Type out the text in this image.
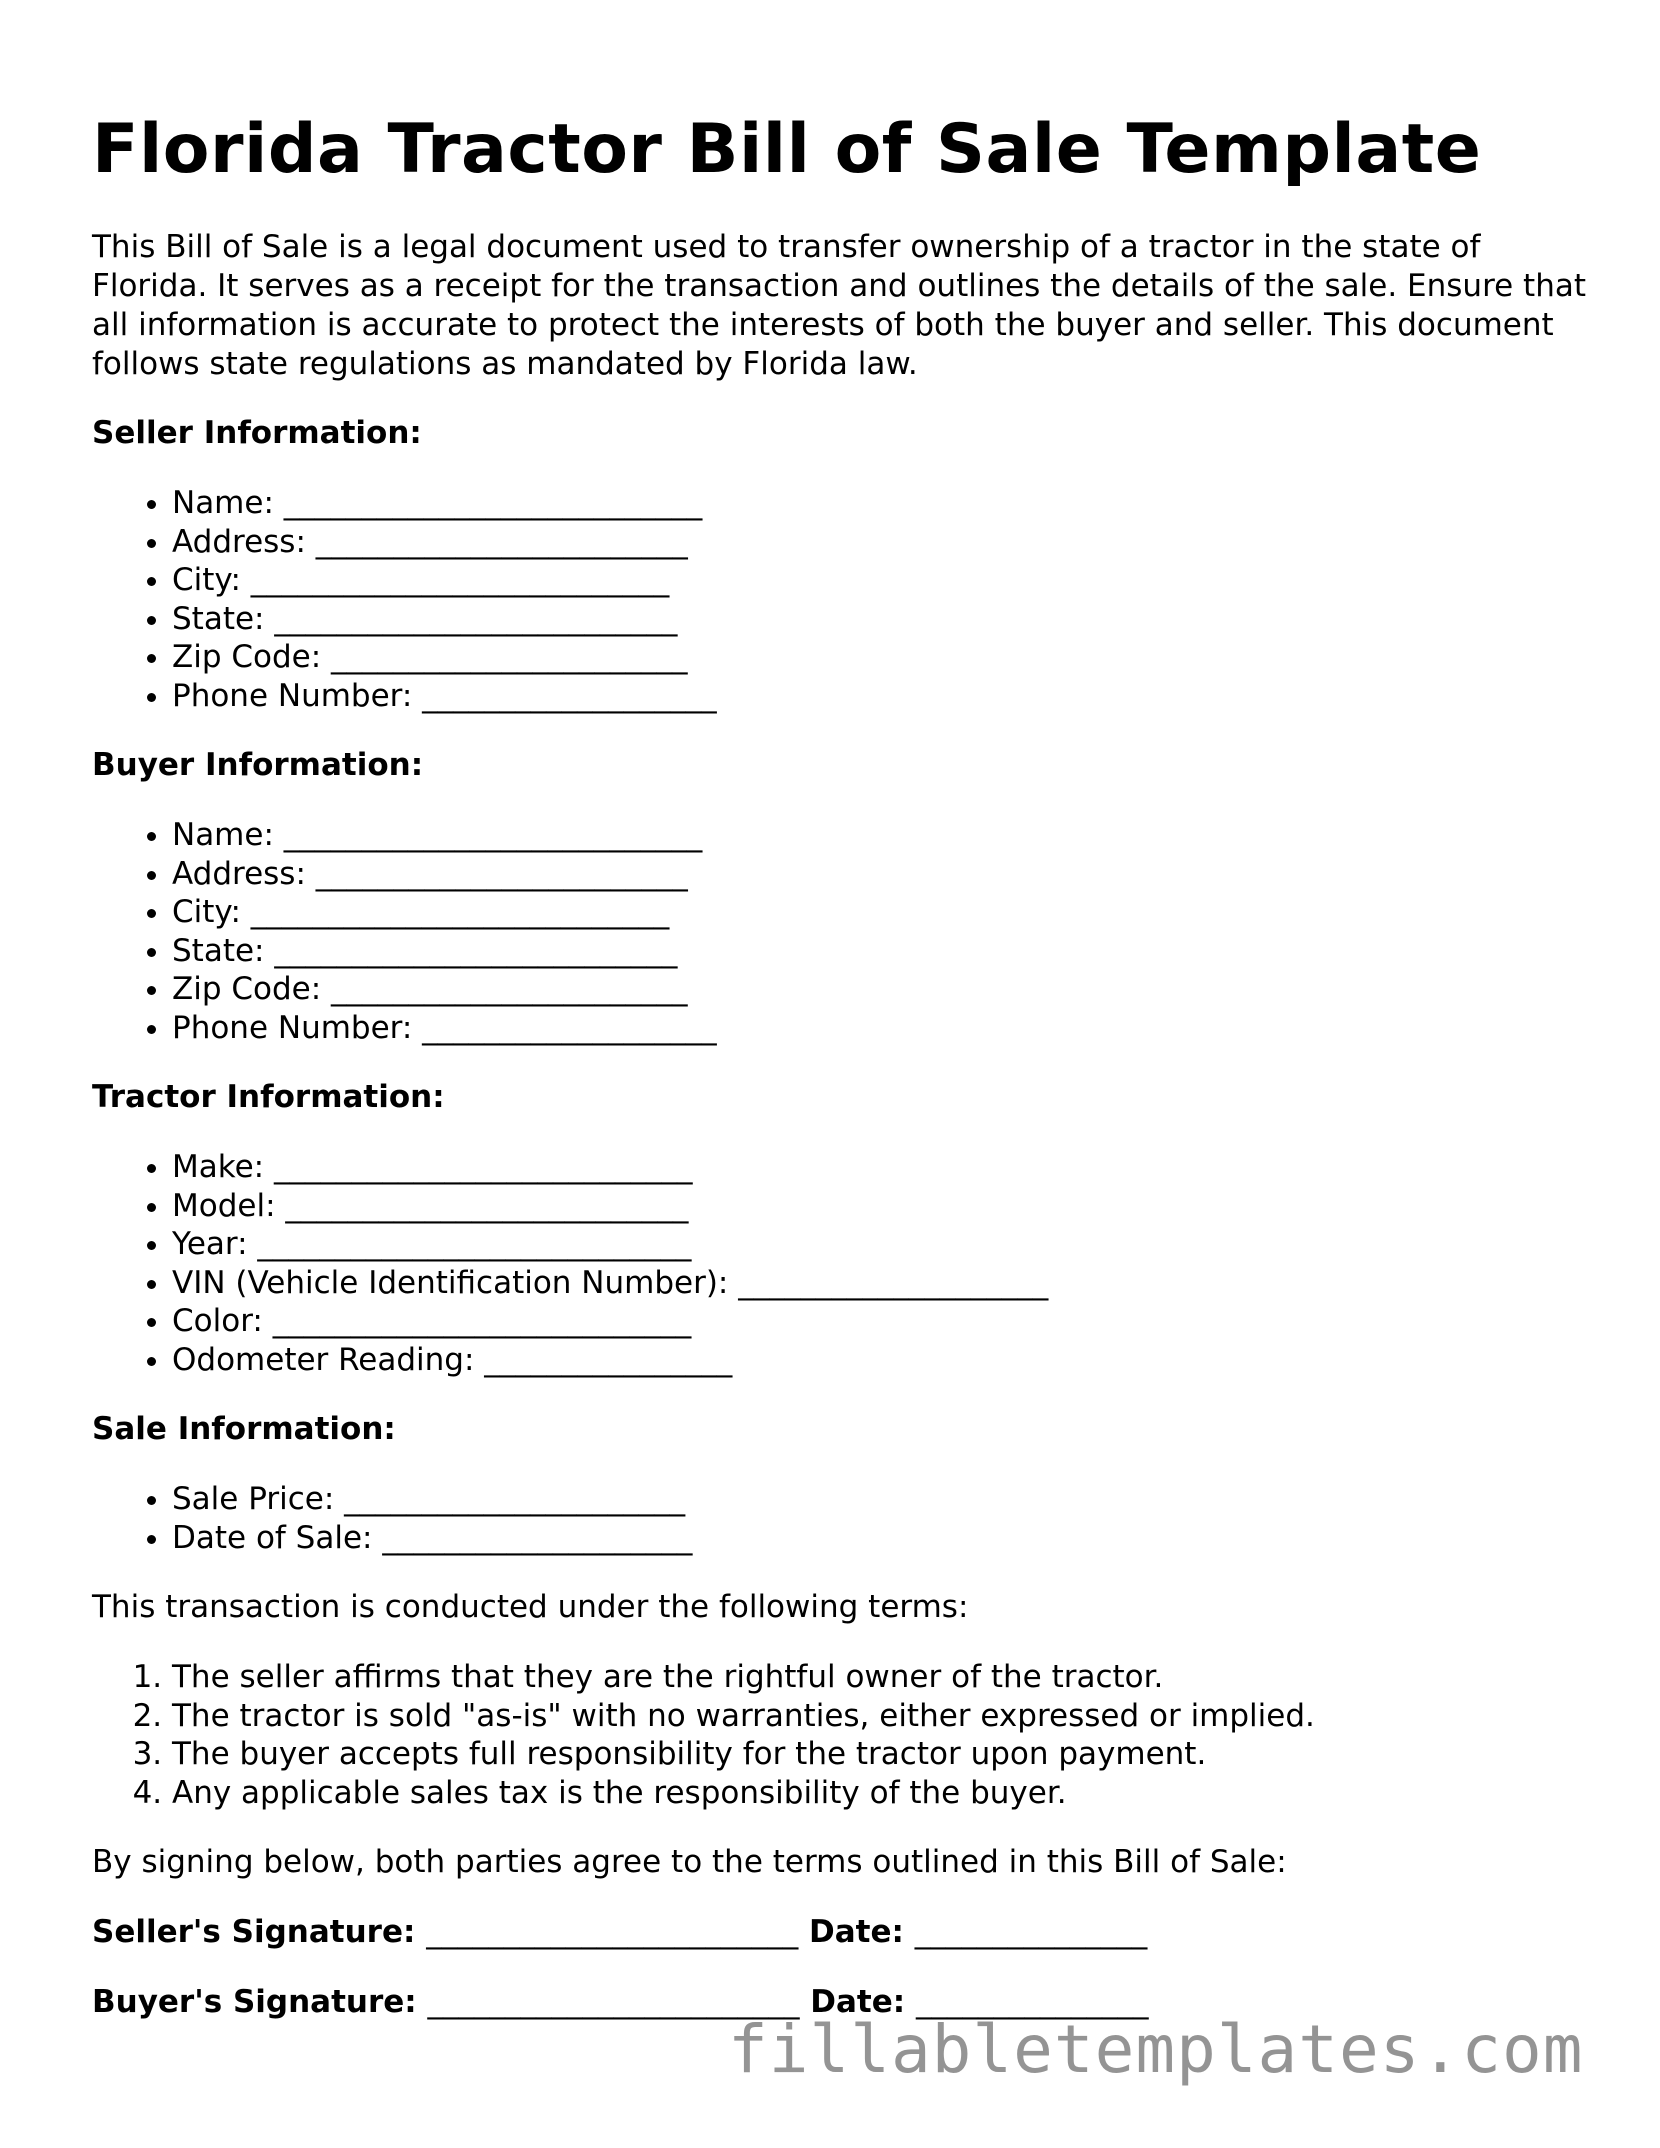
Florida Tractor Bill of Sale Template

This Bill of Sale is a legal document used to transfer ownership of a tractor in the state of Florida. It serves as a receipt for the transaction and outlines the details of the sale. Ensure that all information is accurate to protect the interests of both the buyer and seller. This document follows state regulations as mandated by Florida law.

Seller Information:
• Name: ___________________________
• Address: ________________________
• City: ___________________________
• State: __________________________
• Zip Code: _______________________
• Phone Number: ___________________
Buyer Information:
• Name: ___________________________
• Address: ________________________
• City: ___________________________
• State: __________________________
• Zip Code: _______________________
• Phone Number: ___________________
Tractor Information:
• Make: ___________________________
• Model: __________________________
• Year: ____________________________
• VIN (Vehicle Identification Number): ____________________
• Color: ___________________________
• Odometer Reading: ________________
Sale Information:
• Sale Price: ______________________
• Date of Sale: ____________________

This transaction is conducted under the following terms:

1. The seller affirms that they are the rightful owner of the tractor.
2. The tractor is sold "as-is" with no warranties, either expressed or implied.
3. The buyer accepts full responsibility for the tractor upon payment.
4. Any applicable sales tax is the responsibility of the buyer.

By signing below, both parties agree to the terms outlined in this Bill of Sale:

Seller's Signature: ________________________ Date: _______________

Buyer's Signature: ________________________ Date: _______________

fillabletemplates.com
